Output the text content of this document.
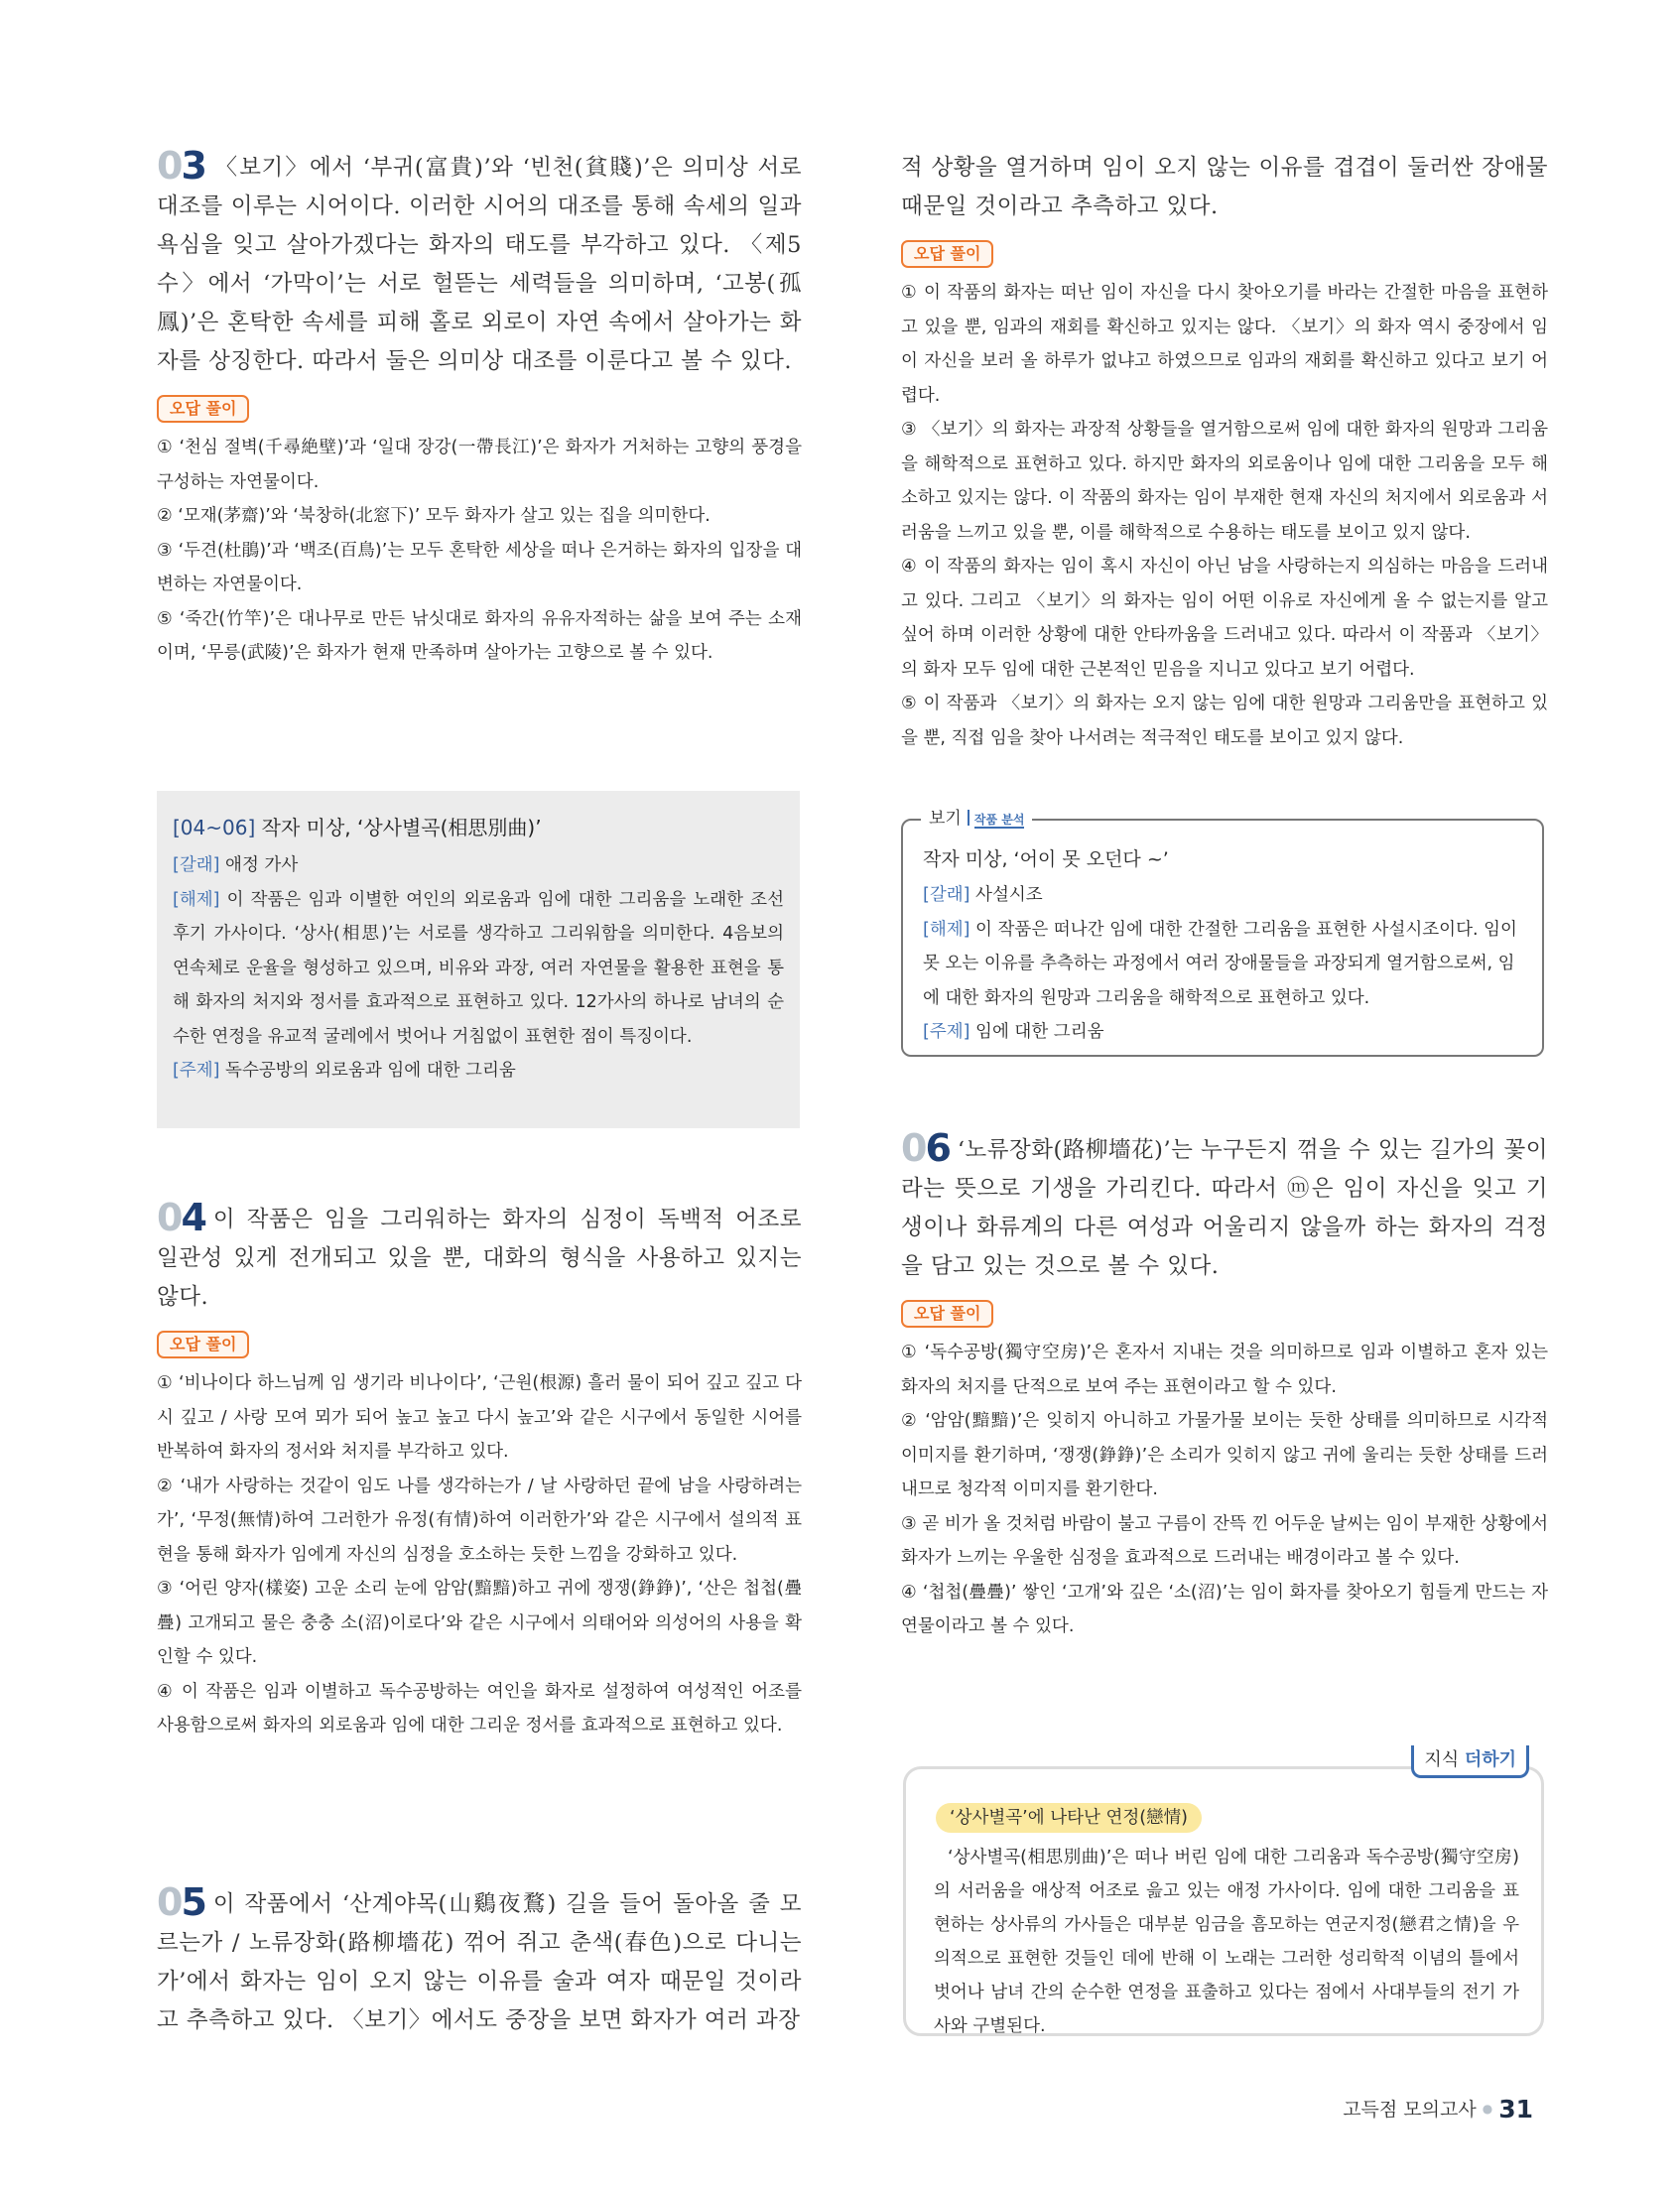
03 〈보기〉에서 ‘부귀(富貴)’와 ‘빈천(貧賤)’은 의미상 서로 대조를 이루는 시어이다. 이러한 시어의 대조를 통해 속세의 일과 욕심을 잊고 살아가겠다는 화자의 태도를 부각하고 있다. 〈제5수〉에서 ‘가막이’는 서로 헐뜯는 세력들을 의미하며, ‘고봉(孤鳳)’은 혼탁한 속세를 피해 홀로 외로이 자연 속에서 살아가는 화자를 상징한다. 따라서 둘은 의미상 대조를 이룬다고 볼 수 있다.

오답 풀이

① ‘천심 절벽(千尋絶壁)’과 ‘일대 장강(一帶長江)’은 화자가 거처하는 고향의 풍경을 구성하는 자연물이다.

② ‘모재(茅齋)’와 ‘북창하(北窓下)’ 모두 화자가 살고 있는 집을 의미한다.

③ ‘두견(杜鵑)’과 ‘백조(百鳥)’는 모두 혼탁한 세상을 떠나 은거하는 화자의 입장을 대변하는 자연물이다.

⑤ ‘죽간(竹竿)’은 대나무로 만든 낚싯대로 화자의 유유자적하는 삶을 보여 주는 소재이며, ‘무릉(武陵)’은 화자가 현재 만족하며 살아가는 고향으로 볼 수 있다.

[04~06] 작자 미상, ‘상사별곡(相思別曲)’

[갈래] 애정 가사

[해제] 이 작품은 임과 이별한 여인의 외로움과 임에 대한 그리움을 노래한 조선 후기 가사이다. ‘상사(相思)’는 서로를 생각하고 그리워함을 의미한다. 4음보의 연속체로 운율을 형성하고 있으며, 비유와 과장, 여러 자연물을 활용한 표현을 통해 화자의 처지와 정서를 효과적으로 표현하고 있다. 12가사의 하나로 남녀의 순수한 연정을 유교적 굴레에서 벗어나 거침없이 표현한 점이 특징이다.

[주제] 독수공방의 외로움과 임에 대한 그리움

04 이 작품은 임을 그리워하는 화자의 심정이 독백적 어조로 일관성 있게 전개되고 있을 뿐, 대화의 형식을 사용하고 있지는 않다.

오답 풀이

① ‘비나이다 하느님께 임 생기라 비나이다’, ‘근원(根源) 흘러 물이 되어 깊고 깊고 다시 깊고 / 사랑 모여 뫼가 되어 높고 높고 다시 높고’와 같은 시구에서 동일한 시어를 반복하여 화자의 정서와 처지를 부각하고 있다.

② ‘내가 사랑하는 것같이 임도 나를 생각하는가 / 날 사랑하던 끝에 남을 사랑하려는가’, ‘무정(無情)하여 그러한가 유정(有情)하여 이러한가’와 같은 시구에서 설의적 표현을 통해 화자가 임에게 자신의 심정을 호소하는 듯한 느낌을 강화하고 있다.

③ ‘어린 양자(樣姿) 고운 소리 눈에 암암(黯黯)하고 귀에 쟁쟁(錚錚)’, ‘산은 첩첩(疊疊) 고개되고 물은 충충 소(沼)이로다’와 같은 시구에서 의태어와 의성어의 사용을 확인할 수 있다.

④ 이 작품은 임과 이별하고 독수공방하는 여인을 화자로 설정하여 여성적인 어조를 사용함으로써 화자의 외로움과 임에 대한 그리운 정서를 효과적으로 표현하고 있다.

05 이 작품에서 ‘산계야목(山鷄夜鶩) 길을 들어 돌아올 줄 모르는가 / 노류장화(路柳墻花) 꺾어 쥐고 춘색(春色)으로 다니는가’에서 화자는 임이 오지 않는 이유를 술과 여자 때문일 것이라고 추측하고 있다. 〈보기〉에서도 중장을 보면 화자가 여러 과장

적 상황을 열거하며 임이 오지 않는 이유를 겹겹이 둘러싼 장애물 때문일 것이라고 추측하고 있다.

오답 풀이

① 이 작품의 화자는 떠난 임이 자신을 다시 찾아오기를 바라는 간절한 마음을 표현하고 있을 뿐, 임과의 재회를 확신하고 있지는 않다. 〈보기〉의 화자 역시 중장에서 임이 자신을 보러 올 하루가 없냐고 하였으므로 임과의 재회를 확신하고 있다고 보기 어렵다.

③ 〈보기〉의 화자는 과장적 상황들을 열거함으로써 임에 대한 화자의 원망과 그리움을 해학적으로 표현하고 있다. 하지만 화자의 외로움이나 임에 대한 그리움을 모두 해소하고 있지는 않다. 이 작품의 화자는 임이 부재한 현재 자신의 처지에서 외로움과 서러움을 느끼고 있을 뿐, 이를 해학적으로 수용하는 태도를 보이고 있지 않다.

④ 이 작품의 화자는 임이 혹시 자신이 아닌 남을 사랑하는지 의심하는 마음을 드러내고 있다. 그리고 〈보기〉의 화자는 임이 어떤 이유로 자신에게 올 수 없는지를 알고 싶어 하며 이러한 상황에 대한 안타까움을 드러내고 있다. 따라서 이 작품과 〈보기〉의 화자 모두 임에 대한 근본적인 믿음을 지니고 있다고 보기 어렵다.

⑤ 이 작품과 〈보기〉의 화자는 오지 않는 임에 대한 원망과 그리움만을 표현하고 있을 뿐, 직접 임을 찾아 나서려는 적극적인 태도를 보이고 있지 않다.

보기 작품 분석
작자 미상, ‘어이 못 오던다 ~’

[갈래] 사설시조

[해제] 이 작품은 떠나간 임에 대한 간절한 그리움을 표현한 사설시조이다. 임이 못 오는 이유를 추측하는 과정에서 여러 장애물들을 과장되게 열거함으로써, 임에 대한 화자의 원망과 그리움을 해학적으로 표현하고 있다.

[주제] 임에 대한 그리움

06 ‘노류장화(路柳墻花)’는 누구든지 꺾을 수 있는 길가의 꽃이라는 뜻으로 기생을 가리킨다. 따라서 ⓜ은 임이 자신을 잊고 기생이나 화류계의 다른 여성과 어울리지 않을까 하는 화자의 걱정을 담고 있는 것으로 볼 수 있다.

오답 풀이

① ‘독수공방(獨守空房)’은 혼자서 지내는 것을 의미하므로 임과 이별하고 혼자 있는 화자의 처지를 단적으로 보여 주는 표현이라고 할 수 있다.

② ‘암암(黯黯)’은 잊히지 아니하고 가물가물 보이는 듯한 상태를 의미하므로 시각적 이미지를 환기하며, ‘쟁쟁(錚錚)’은 소리가 잊히지 않고 귀에 울리는 듯한 상태를 드러내므로 청각적 이미지를 환기한다.

③ 곧 비가 올 것처럼 바람이 불고 구름이 잔뜩 낀 어두운 날씨는 임이 부재한 상황에서 화자가 느끼는 우울한 심정을 효과적으로 드러내는 배경이라고 볼 수 있다.

④ ‘첩첩(疊疊)’ 쌓인 ‘고개’와 깊은 ‘소(沼)’는 임이 화자를 찾아오기 힘들게 만드는 자연물이라고 볼 수 있다.

지식 더하기
‘상사별곡’에 나타난 연정(戀情)

‘상사별곡(相思別曲)’은 떠나 버린 임에 대한 그리움과 독수공방(獨守空房)의 서러움을 애상적 어조로 읊고 있는 애정 가사이다. 임에 대한 그리움을 표현하는 상사류의 가사들은 대부분 임금을 흠모하는 연군지정(戀君之情)을 우의적으로 표현한 것들인 데에 반해 이 노래는 그러한 성리학적 이념의 틀에서 벗어나 남녀 간의 순수한 연정을 표출하고 있다는 점에서 사대부들의 전기 가사와 구별된다.

고득점 모의고사 ● 31
